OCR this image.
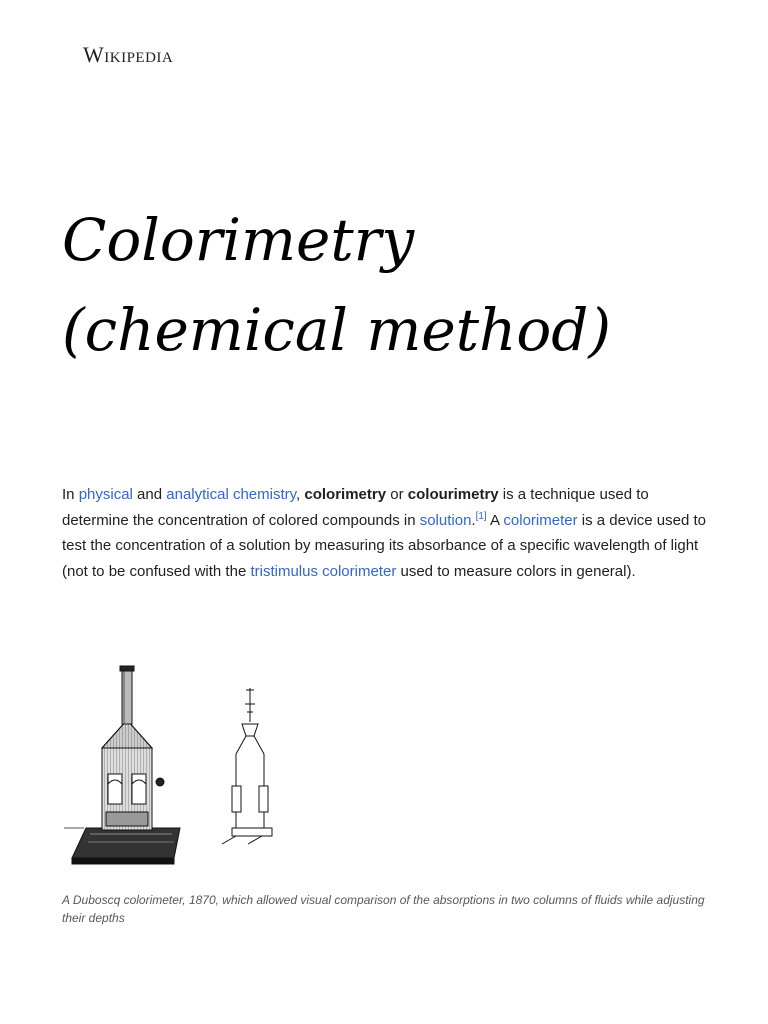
Wikipedia
Colorimetry
(chemical method)

In physical and analytical chemistry, colorimetry or colourimetry is a technique used to determine the concentration of colored compounds in solution.[1] A colorimeter is a device used to test the concentration of a solution by measuring its absorbance of a specific wavelength of light (not to be confused with the tristimulus colorimeter used to measure colors in general).

A Duboscq colorimeter, 1870, which allowed visual comparison of the absorptions in two columns of fluids while adjusting their depths
